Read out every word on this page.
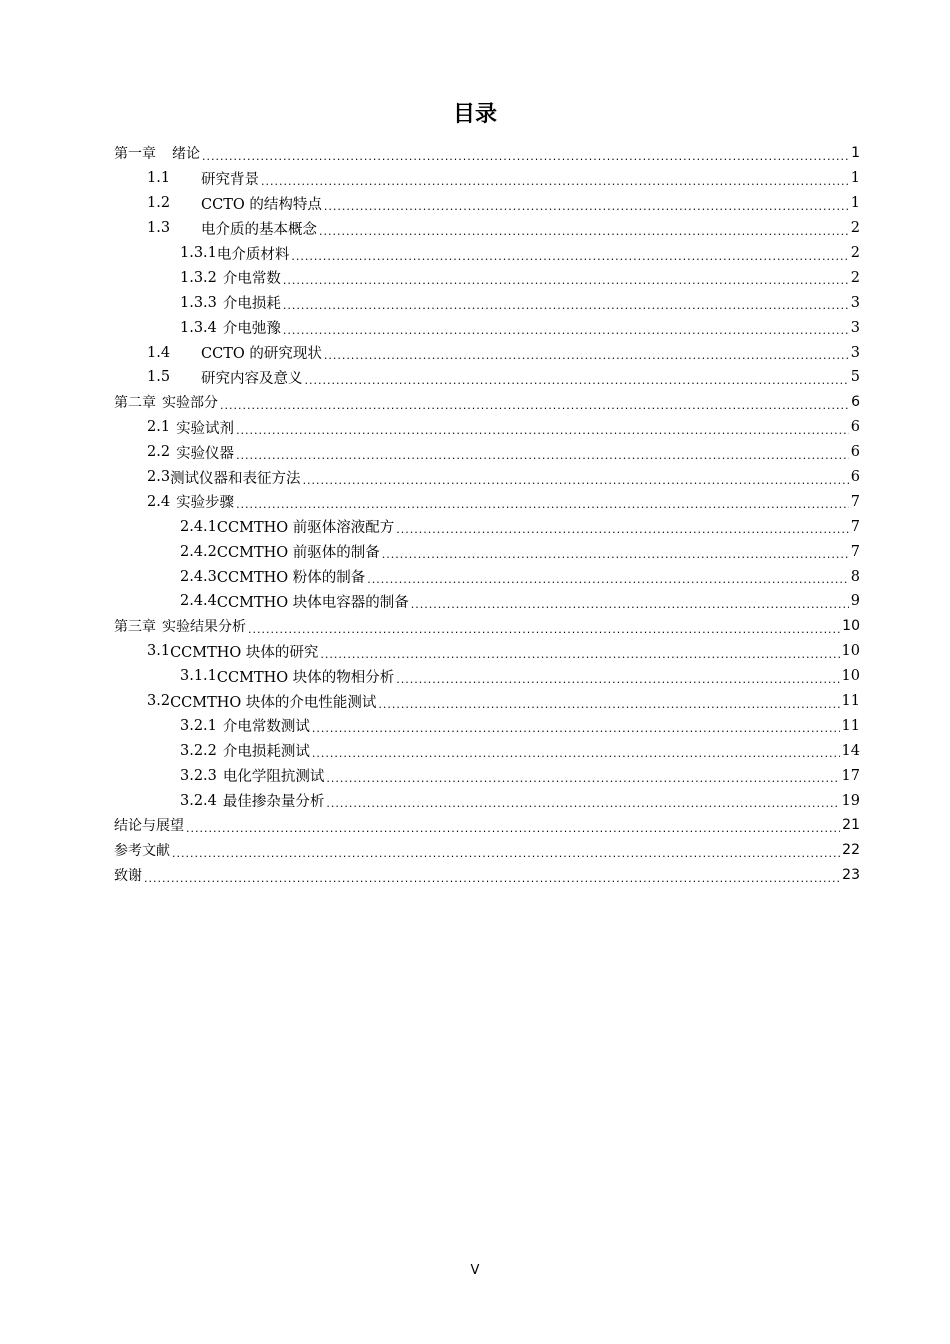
目录
第一章	绪论 .....	1
1.1	研究背景 .....	1
1.2	CCTO 的结构特点 .....	1
1.3	电介质的基本概念 .....	2
1.3.1 电介质材料 .....	2
1.3.2 介电常数 .....	2
1.3.3 介电损耗 .....	3
1.3.4 介电弛豫 .....	3
1.4	CCTO 的研究现状 .....	3
1.5	研究内容及意义 .....	5
第二章 实验部分 .....	6
2.1 实验试剂 .....	6
2.2 实验仪器 .....	6
2.3 测试仪器和表征方法 .....	6
2.4 实验步骤 .....	7
2.4.1 CCMTHO 前驱体溶液配方 .....	7
2.4.2 CCMTHO 前驱体的制备 .....	7
2.4.3 CCMTHO 粉体的制备 .....	8
2.4.4 CCMTHO 块体电容器的制备 .....	9
第三章 实验结果分析 .....	10
3.1 CCMTHO 块体的研究 .....	10
3.1.1 CCMTHO 块体的物相分析 .....	10
3.2 CCMTHO 块体的介电性能测试 .....	11
3.2.1 介电常数测试 .....	11
3.2.2 介电损耗测试 .....	14
3.2.3 电化学阻抗测试 .....	17
3.2.4 最佳掺杂量分析 .....	19
结论与展望 .....	21
参考文献 .....	22
致谢 .....	23
V
